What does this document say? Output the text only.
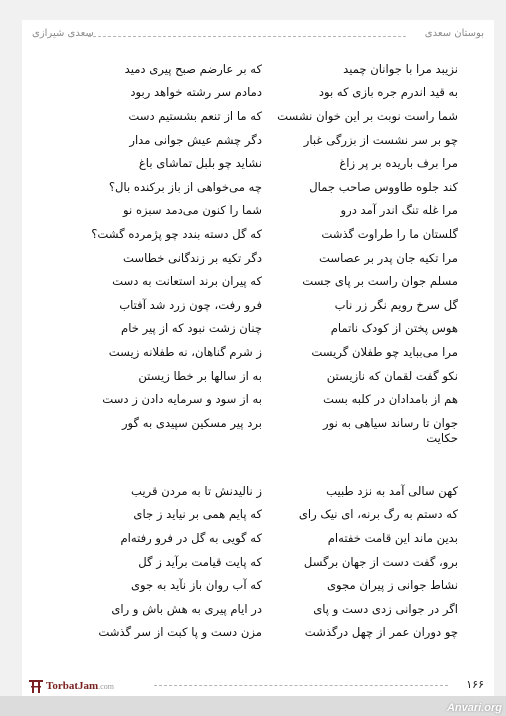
بوستان سعدی
سعدی شیرازی
نزیبد مرا با جوانان چمید
که بر عارضم صبح پیری دمید
به قید اندرم جره بازی که بود
دمادم سر رشته خواهد ربود
شما راست نوبت بر این خوان نشست
که ما از تنعم بشستیم دست
چو بر سر نشست از بزرگی غبار
دگر چشم عیش جوانی مدار
مرا برف باریده بر پر زاغ
نشاید چو بلبل تماشای باغ
کند جلوه طاووس صاحب جمال
چه می‌خواهی از باز برکنده بال؟
مرا غله تنگ اندر آمد درو
شما را کنون می‌دمد سبزه نو
گلستان ما را طراوت گذشت
که گل دسته بندد چو پژمرده گشت؟
مرا تکیه جان پدر بر عصاست
دگر تکیه بر زندگانی خطاست
مسلم جوان راست بر پای جست
که پیران برند استعانت به دست
گل سرخ رویم نگر زر ناب
فرو رفت، چون زرد شد آفتاب
هوس پختن از کودک ناتمام
چنان زشت نبود که از پیر خام
مرا می‌بباید چو طفلان گریست
ز شرم گناهان، نه طفلانه زیست
نکو گفت لقمان که نازیستن
به از سالها بر خطا زیستن
هم از بامدادان در کلبه بست
به از سود و سرمایه دادن ز دست
جوان تا رساند سیاهی به نور
برد پیر مسکین سپیدی به گور
حکایت
کهن سالی آمد به نزد طبیب
ز نالیدنش تا به مردن قریب
که دستم به رگ برنه، ای نیک رای
که پایم همی بر نیاید ز جای
بدین ماند این قامت خفته‌ام
که گویی به گل در فرو رفته‌ام
برو، گفت دست از جهان برگسل
که پایت قیامت برآید ز گل
نشاط جوانی ز پیران مجوی
که آب روان باز نآید به جوی
اگر در جوانی زدی دست و پای
در ایام پیری به هش باش و رای
چو دوران عمر از چهل درگذشت
مزن دست و پا کبت از سر گذشت
TorbatJam.com	۱۶۶
Anvari.org
